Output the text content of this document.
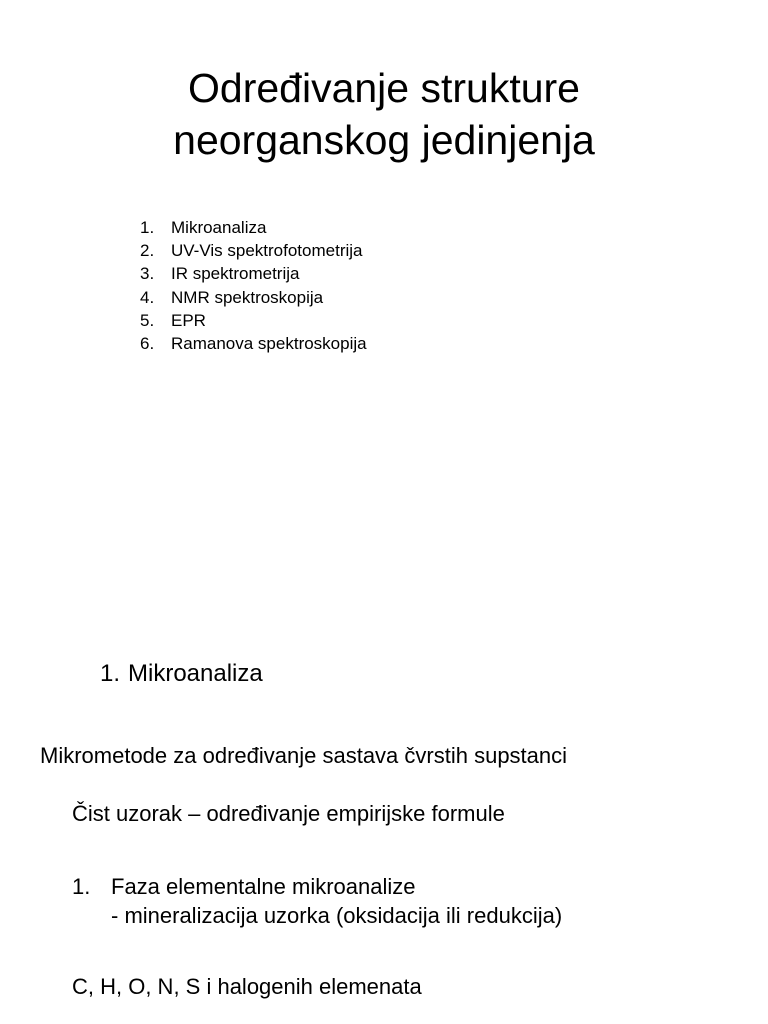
Određivanje strukture
neorganskog jedinjenja
1. Mikroanaliza
2. UV-Vis spektrofotometrija
3. IR spektrometrija
4. NMR spektroskopija
5. EPR
6. Ramanova spektroskopija
1. Mikroanaliza

Mikrometode za određivanje sastava čvrstih supstanci

Čist uzorak – određivanje empirijske formule

1. Faza elementalne mikroanalize
- mineralizacija uzorka (oksidacija ili redukcija)

C, H, O, N, S i halogenih elemenata
